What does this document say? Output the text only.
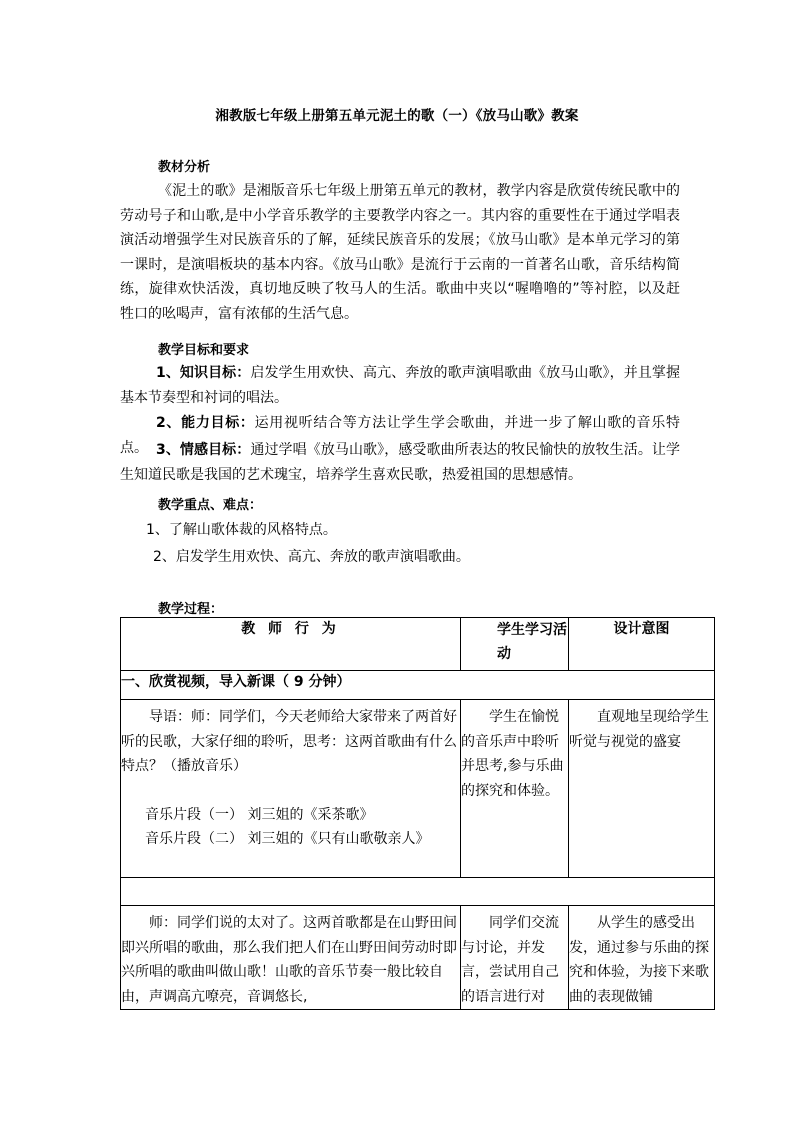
湘教版七年级上册第五单元泥土的歌（一）《放马山歌》教案
教材分析
《泥土的歌》是湘版音乐七年级上册第五单元的教材，教学内容是欣赏传统民歌中的劳动号子和山歌,是中小学音乐教学的主要教学内容之一。其内容的重要性在于通过学唱表演活动增强学生对民族音乐的了解，延续民族音乐的发展；《放马山歌》是本单元学习的第一课时，是演唱板块的基本内容。《放马山歌》是流行于云南的一首著名山歌，音乐结构简练，旋律欢快活泼，真切地反映了牧马人的生活。歌曲中夹以“喔噜噜的”等衬腔，以及赶牲口的吆喝声，富有浓郁的生活气息。
教学目标和要求
1、知识目标：启发学生用欢快、高亢、奔放的歌声演唱歌曲《放马山歌》，并且掌握基本节奏型和衬词的唱法。
2、能力目标：运用视听结合等方法让学生学会歌曲，并进一步了解山歌的音乐特点。 3、情感目标：通过学唱《放马山歌》，感受歌曲所表达的牧民愉快的放牧生活。让学生知道民歌是我国的艺术瑰宝，培养学生喜欢民歌，热爱祖国的思想感情。
教学重点、难点：
1、了解山歌体裁的风格特点。
2、启发学生用欢快、高亢、奔放的歌声演唱歌曲。
教学过程：
教 师 行 为	学生学习活动	设计意图
一、欣赏视频，导入新课（ 9 分钟）		

导语：师：同学们，今天老师给大家带来了两首好听的民歌，大家仔细的聆听，思考：这两首歌曲有什么特点？（播放音乐）
音乐片段（一） 刘三姐的《采茶歌》
音乐片段（二） 刘三姐的《只有山歌敬亲人》	学生在愉悦的音乐声中聆听并思考,参与乐曲的探究和体验。	直观地呈现给学生听觉与视觉的盛宴

师：同学们说的太对了。这两首歌都是在山野田间即兴所唱的歌曲，那么我们把人们在山野田间劳动时即兴所唱的歌曲叫做山歌！山歌的音乐节奏一般比较自由，声调高亢嘹亮，音调悠长,	同学们交流与讨论，并发言，尝试用自己的语言进行对	从学生的感受出发，通过参与乐曲的探究和体验，为接下来歌曲的表现做铺
